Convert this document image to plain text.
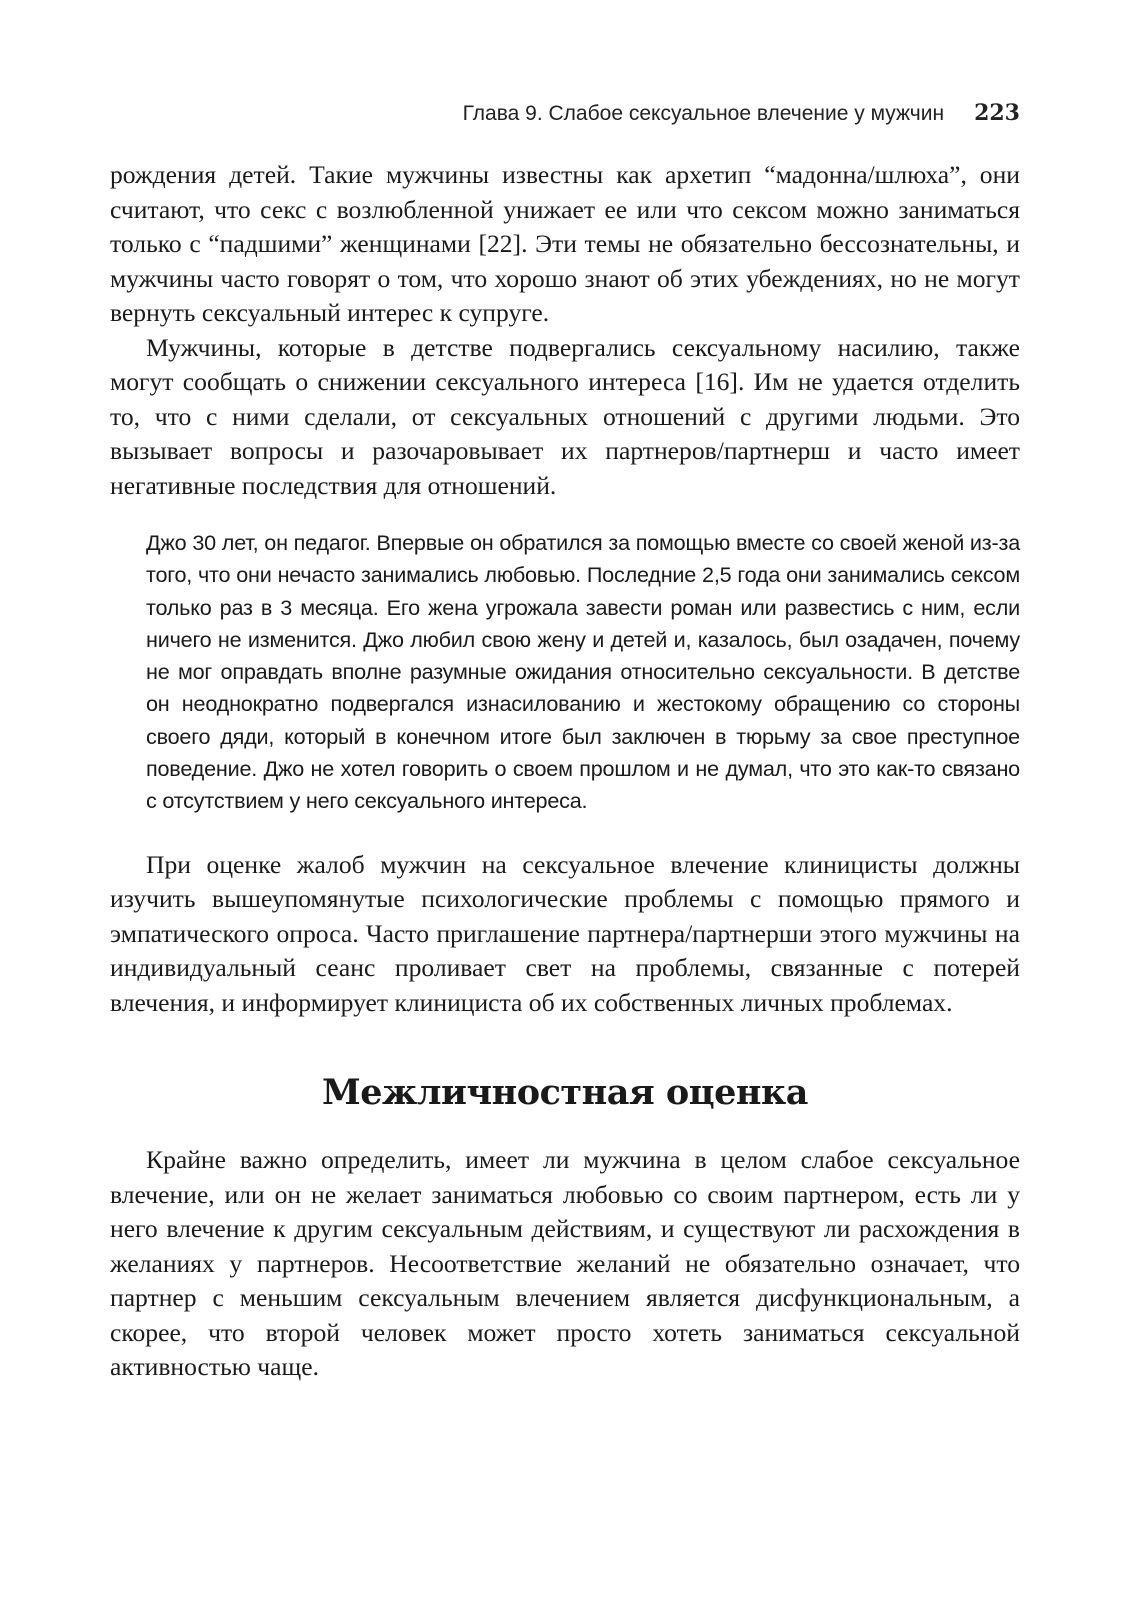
Глава 9. Слабое сексуальное влечение у мужчин 223

рождения детей. Такие мужчины известны как архетип “мадонна/шлюха”, они считают, что секс с возлюбленной унижает ее или что сексом можно заниматься только с “падшими” женщинами [22]. Эти темы не обязательно бессознательны, и мужчины часто говорят о том, что хорошо знают об этих убеждениях, но не могут вернуть сексуальный интерес к супруге.

Мужчины, которые в детстве подвергались сексуальному насилию, также могут сообщать о снижении сексуального интереса [16]. Им не удается отделить то, что с ними сделали, от сексуальных отношений с другими людьми. Это вызывает вопросы и разочаровывает их партнеров/партнерш и часто имеет негативные последствия для отношений.

Джо 30 лет, он педагог. Впервые он обратился за помощью вместе со своей женой из-за того, что они нечасто занимались любовью. Последние 2,5 года они занимались сексом только раз в 3 месяца. Его жена угрожала завести роман или развестись с ним, если ничего не изменится. Джо любил свою жену и детей и, казалось, был озадачен, почему не мог оправдать вполне разумные ожидания относительно сексуальности. В детстве он неоднократно подвергался изнасилованию и жестокому обращению со стороны своего дяди, который в конечном итоге был заключен в тюрьму за свое преступное поведение. Джо не хотел говорить о своем прошлом и не думал, что это как-то связано с отсутствием у него сексуального интереса.

При оценке жалоб мужчин на сексуальное влечение клиницисты должны изучить вышеупомянутые психологические проблемы с помощью прямого и эмпатического опроса. Часто приглашение партнера/партнерши этого мужчины на индивидуальный сеанс проливает свет на проблемы, связанные с потерей влечения, и информирует клинициста об их собственных личных проблемах.

Межличностная оценка

Крайне важно определить, имеет ли мужчина в целом слабое сексуальное влечение, или он не желает заниматься любовью со своим партнером, есть ли у него влечение к другим сексуальным действиям, и существуют ли расхождения в желаниях у партнеров. Несоответствие желаний не обязательно означает, что партнер с меньшим сексуальным влечением является дисфункциональным, а скорее, что второй человек может просто хотеть заниматься сексуальной активностью чаще.
